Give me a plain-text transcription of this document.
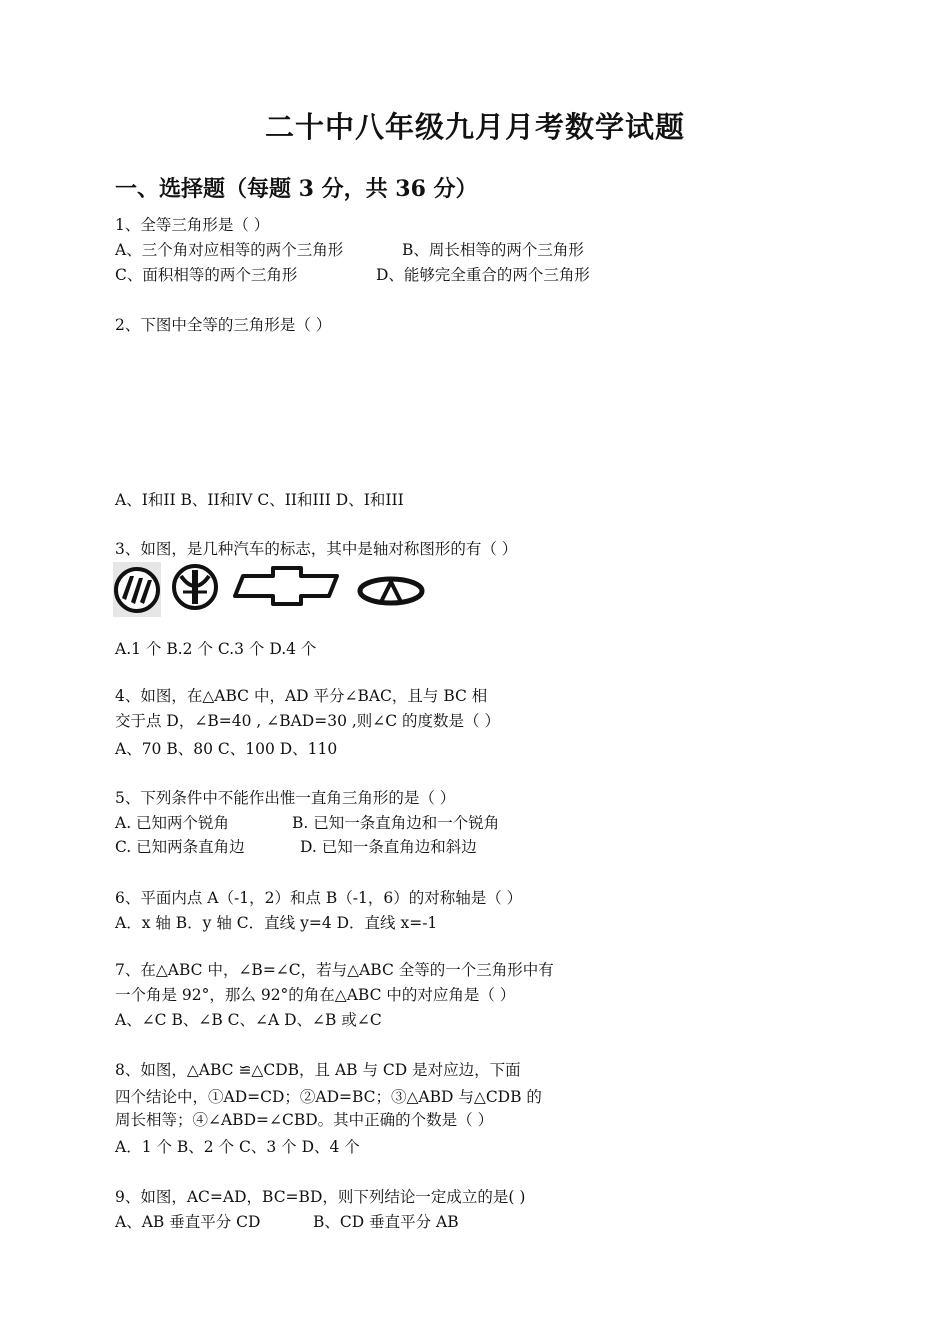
二十中八年级九月月考数学试题
一、选择题（每题 3 分，共 36 分）
1、全等三角形是（ ）
A、三个角对应相等的两个三角形	B、周长相等的两个三角形
C、面积相等的两个三角形	D、能够完全重合的两个三角形
2、下图中全等的三角形是（ ）
A、I和II B、II和IV C、II和III D、I和III
3、如图，是几种汽车的标志，其中是轴对称图形的有（ ）
A.1 个 B.2 个 C.3 个 D.4 个
4、如图，在△ABC 中，AD 平分∠BAC，且与 BC 相
交于点 D，∠B=40 , ∠BAD=30 ,则∠C 的度数是（ ）
A、70 B、80 C、100 D、110
5、下列条件中不能作出惟一直角三角形的是（ ）
A. 已知两个锐角	B. 已知一条直角边和一个锐角
C. 已知两条直角边	D. 已知一条直角边和斜边
6、平面内点 A（-1，2）和点 B（-1，6）的对称轴是（ ）
A．x 轴 B．y 轴 C．直线 y=4 D．直线 x=-1
7、在△ABC 中，∠B=∠C，若与△ABC 全等的一个三角形中有
一个角是 92°，那么 92°的角在△ABC 中的对应角是（ ）
A、∠C B、∠B C、∠A D、∠B 或∠C
8、如图，△ABC ≌△CDB，且 AB 与 CD 是对应边，下面
四个结论中，①AD=CD；②AD=BC；③△ABD 与△CDB 的
周长相等；④∠ABD=∠CBD。其中正确的个数是（ ）
A．1 个 B、2 个 C、3 个 D、4 个
9、如图，AC=AD，BC=BD，则下列结论一定成立的是( )
A、AB 垂直平分 CD	B、CD 垂直平分 AB
